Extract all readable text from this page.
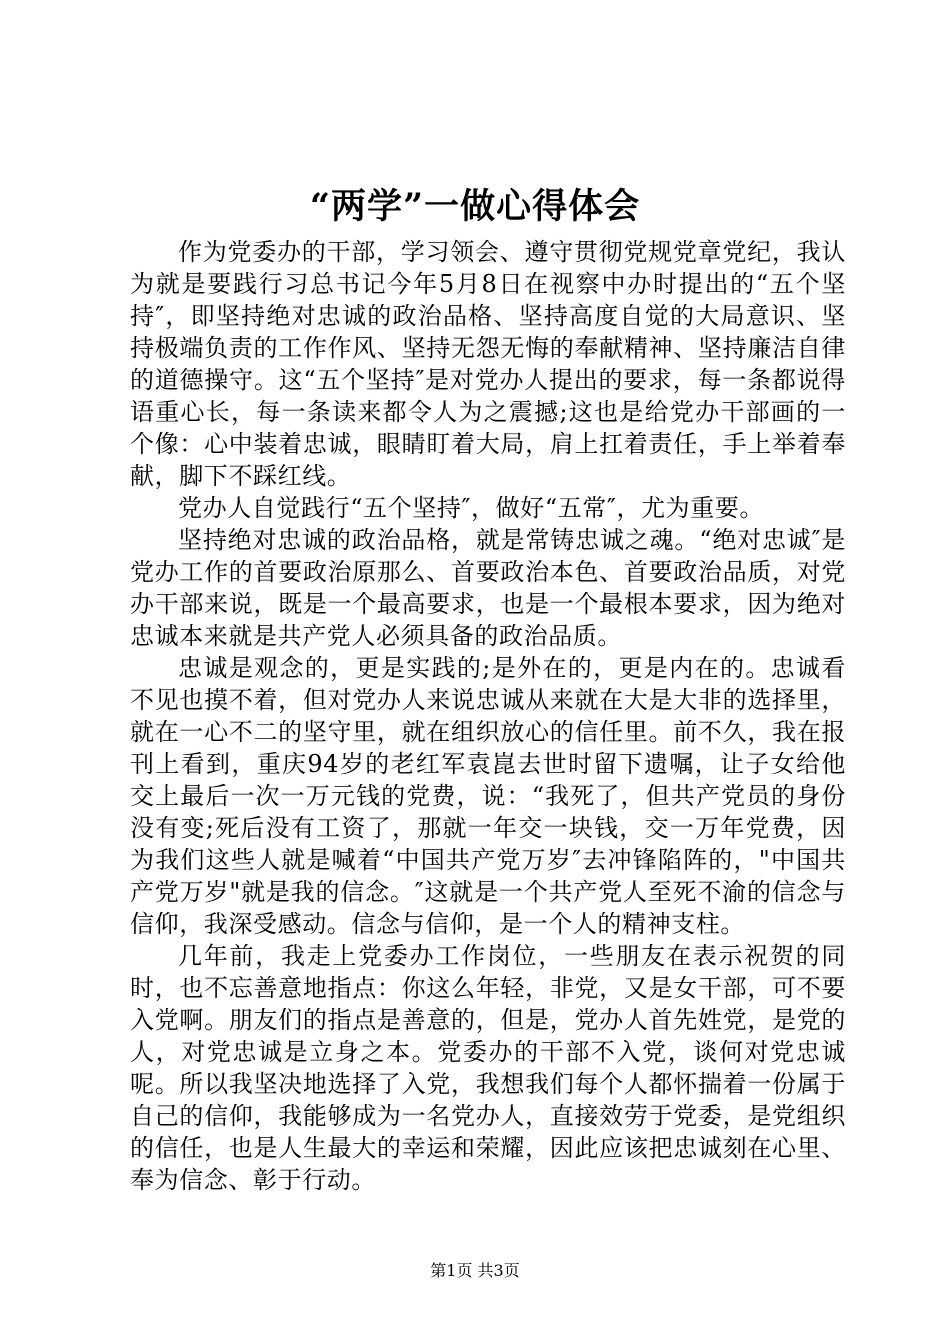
“两学”一做心得体会

作为党委办的干部，学习领会、遵守贯彻党规党章党纪，我认为就是要践行习总书记今年5月8日在视察中办时提出的“五个坚持″，即坚持绝对忠诚的政治品格、坚持高度自觉的大局意识、坚持极端负责的工作作风、坚持无怨无悔的奉献精神、坚持廉洁自律的道德操守。这“五个坚持″是对党办人提出的要求，每一条都说得语重心长，每一条读来都令人为之震撼;这也是给党办干部画的一个像：心中装着忠诚，眼睛盯着大局，肩上扛着责任，手上举着奉献，脚下不踩红线。

党办人自觉践行“五个坚持″，做好“五常″，尤为重要。

坚持绝对忠诚的政治品格，就是常铸忠诚之魂。“绝对忠诚″是党办工作的首要政治原那么、首要政治本色、首要政治品质，对党办干部来说，既是一个最高要求，也是一个最根本要求，因为绝对忠诚本来就是共产党人必须具备的政治品质。

忠诚是观念的，更是实践的;是外在的，更是内在的。忠诚看不见也摸不着，但对党办人来说忠诚从来就在大是大非的选择里，就在一心不二的坚守里，就在组织放心的信任里。前不久，我在报刊上看到，重庆94岁的老红军袁崑去世时留下遗嘱，让子女给他交上最后一次一万元钱的党费，说：“我死了，但共产党员的身份没有变;死后没有工资了，那就一年交一块钱，交一万年党费，因为我们这些人就是喊着“中国共产党万岁″去冲锋陷阵的，"中国共产党万岁"就是我的信念。″这就是一个共产党人至死不渝的信念与信仰，我深受感动。信念与信仰，是一个人的精神支柱。

几年前，我走上党委办工作岗位，一些朋友在表示祝贺的同时，也不忘善意地指点：你这么年轻，非党，又是女干部，可不要入党啊。朋友们的指点是善意的，但是，党办人首先姓党，是党的人，对党忠诚是立身之本。党委办的干部不入党，谈何对党忠诚呢。所以我坚决地选择了入党，我想我们每个人都怀揣着一份属于自己的信仰，我能够成为一名党办人，直接效劳于党委，是党组织的信任，也是人生最大的幸运和荣耀，因此应该把忠诚刻在心里、奉为信念、彰于行动。

第1页 共3页
